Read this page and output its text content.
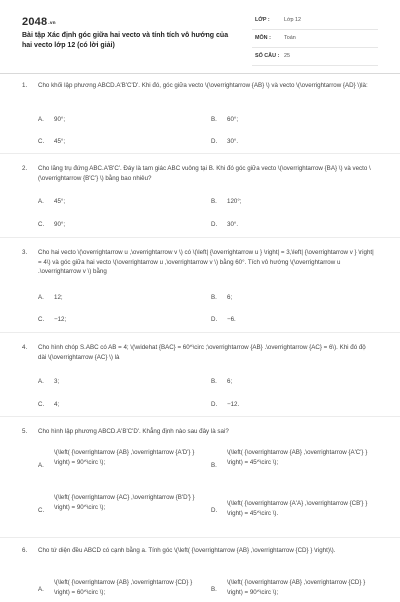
$2048^{.vn}$
Bài tập Xác định góc giữa hai vecto và tính tích vô hướng của hai vecto lớp 12 (có lời giải)
LỚP :	Lớp 12
MÔN : Toán
SỐ CÂU : 25
1. Cho khối lập phương ABCD.A'B'C'D'. Khi đó, góc giữa vecto \(\overrightarrow {AB} \) và vecto \(\overrightarrow {AD} \)là:
A. 90°;	B. 60°;
C. 45°;	D. 30°.
2. Cho lăng trụ đứng ABC.A'B'C'. Đáy là tam giác ABC vuông tại B. Khi đó góc giữa vecto \(\overrightarrow {BA} \) và vecto \(\overrightarrow {B'C'} \) bằng bao nhiêu?
A. 45°;	B. 120°;
C. 90°;	D. 30°.
3. Cho hai vecto \(\overrightarrow u ,\overrightarrow v \) có \(\left| {\overrightarrow u } \right| = 3,\left| {\overrightarrow v } \right| = 4\) và góc giữa hai vecto \(\overrightarrow u ,\overrightarrow v \) bằng 60°. Tích vô hướng \(\overrightarrow u .\overrightarrow v \) bằng
A. 12;	B. 6;
C. −12;	D. −6.
4. Cho hình chóp S.ABC có AB = 4; \(\widehat {BAC} = 60^\circ ;\overrightarrow {AB} .\overrightarrow {AC} = 6\). Khi đó độ dài \(\overrightarrow {AC} \) là
A. 3;	B. 6;
C. 4;	D. −12.
5. Cho hình lập phương ABCD.A'B'C'D'. Khẳng định nào sau đây là sai?
A.
\(\left( {\overrightarrow {AB} ,\overrightarrow {A'D'} } \right) = 90^\circ \);
B.
\(\left( {\overrightarrow {AB} ,\overrightarrow {A'C'} } \right) = 45^\circ \);
C.
\(\left( {\overrightarrow {AC} ,\overrightarrow {B'D'} } \right) = 90^\circ \);
D.
\(\left( {\overrightarrow {A'A} ,\overrightarrow {CB'} } \right) = 45^\circ \).
6. Cho tứ diện đều ABCD có cạnh bằng a. Tính góc \(\left( {\overrightarrow {AB} ,\overrightarrow {CD} } \right)\).
A.
\(\left( {\overrightarrow {AB} ,\overrightarrow {CD} } \right) = 60^\circ \);	B.
\(\left( {\overrightarrow {AB} ,\overrightarrow {CD} } \right) = 90^\circ \);
